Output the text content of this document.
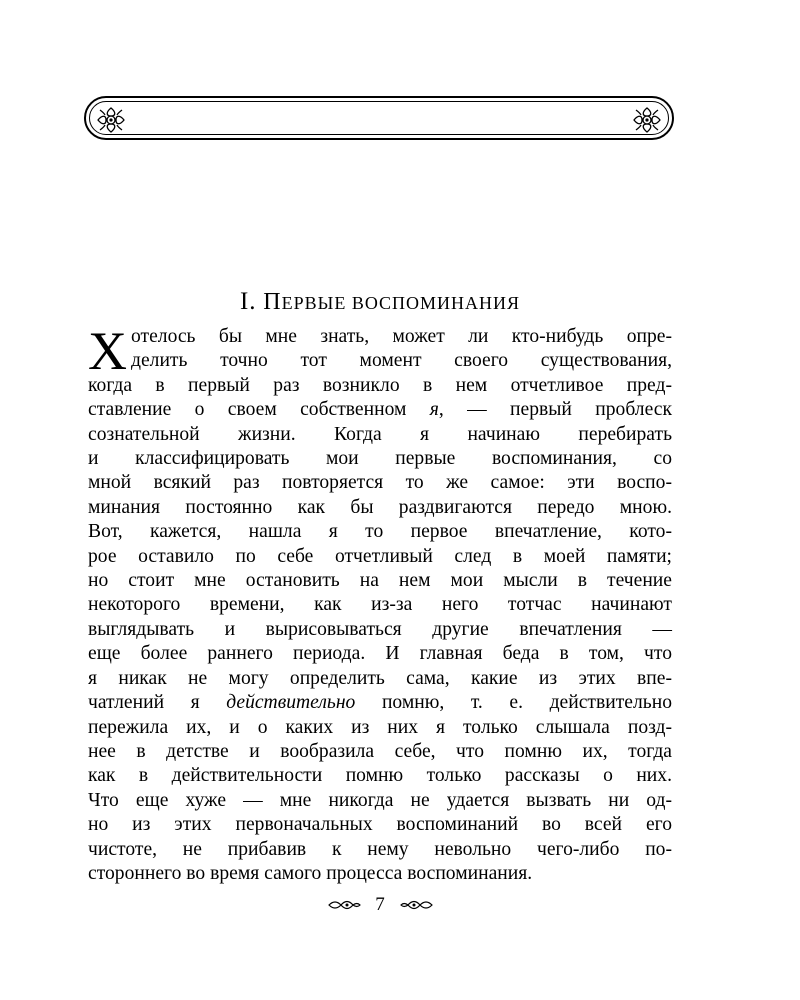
I. ПЕРВЫЕ ВОСПОМИНАНИЯ
Х отелось бы мне знать, может ли кто-нибудь опре-
делить точно тот момент своего существования,
когда в первый раз возникло в нем отчетливое пред-
ставление о своем собственном я, — первый проблеск
сознательной жизни. Когда я начинаю перебирать
и классифицировать мои первые воспоминания, со
мной всякий раз повторяется то же самое: эти воспо-
минания постоянно как бы раздвигаются передо мною.
Вот, кажется, нашла я то первое впечатление, кото-
рое оставило по себе отчетливый след в моей памяти;
но стоит мне остановить на нем мои мысли в течение
некоторого времени, как из-за него тотчас начинают
выглядывать и вырисовываться другие впечатления —
еще более раннего периода. И главная беда в том, что
я никак не могу определить сама, какие из этих впе-
чатлений я действительно помню, т. е. действительно
пережила их, и о каких из них я только слышала позд-
нее в детстве и вообразила себе, что помню их, тогда
как в действительности помню только рассказы о них.
Что еще хуже — мне никогда не удается вызвать ни од-
но из этих первоначальных воспоминаний во всей его
чистоте, не прибавив к нему невольно чего-либо по-
стороннего во время самого процесса воспоминания.
7
